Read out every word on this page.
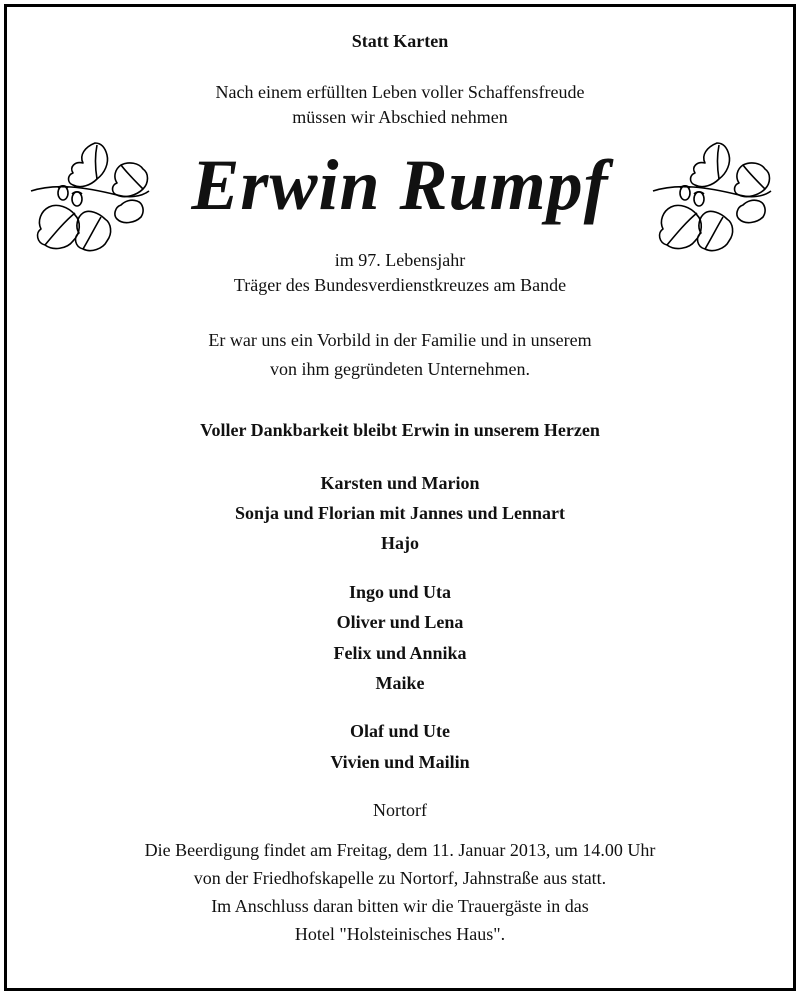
Statt Karten
Nach einem erfüllten Leben voller Schaffensfreude
müssen wir Abschied nehmen
Erwin Rumpf
im 97. Lebensjahr
Träger des Bundesverdienstkreuzes am Bande
Er war uns ein Vorbild in der Familie und in unserem
von ihm gegründeten Unternehmen.
Voller Dankbarkeit bleibt Erwin in unserem Herzen
Karsten und Marion
Sonja und Florian mit Jannes und Lennart
Hajo
Ingo und Uta
Oliver und Lena
Felix und Annika
Maike
Olaf und Ute
Vivien und Mailin
Nortorf
Die Beerdigung findet am Freitag, dem 11. Januar 2013, um 14.00 Uhr
von der Friedhofskapelle zu Nortorf, Jahnstraße aus statt.
Im Anschluss daran bitten wir die Trauergäste in das
Hotel "Holsteinisches Haus".
